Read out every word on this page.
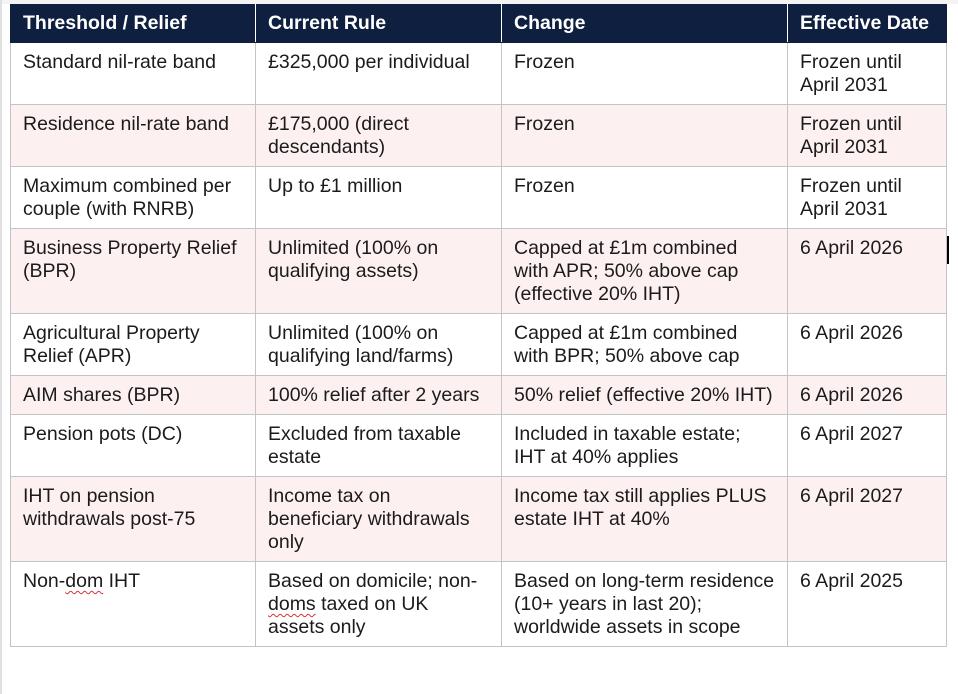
Threshold / Relief	Current Rule	Change	Effective Date
Standard nil-rate band	£325,000 per individual	Frozen	Frozen until April 2031
Residence nil-rate band	£175,000 (direct descendants)	Frozen	Frozen until April 2031
Maximum combined per couple (with RNRB)	Up to £1 million	Frozen	Frozen until April 2031
Business Property Relief (BPR)	Unlimited (100% on qualifying assets)	Capped at £1m combined with APR; 50% above cap (effective 20% IHT)	6 April 2026
Agricultural Property Relief (APR)	Unlimited (100% on qualifying land/farms)	Capped at £1m combined with BPR; 50% above cap	6 April 2026
AIM shares (BPR)	100% relief after 2 years	50% relief (effective 20% IHT)	6 April 2026
Pension pots (DC)	Excluded from taxable estate	Included in taxable estate; IHT at 40% applies	6 April 2027
IHT on pension withdrawals post-75	Income tax on beneficiary withdrawals only	Income tax still applies PLUS estate IHT at 40%	6 April 2027
Non-dom IHT	Based on domicile; non-doms taxed on UK assets only	Based on long-term residence (10+ years in last 20); worldwide assets in scope	6 April 2025
